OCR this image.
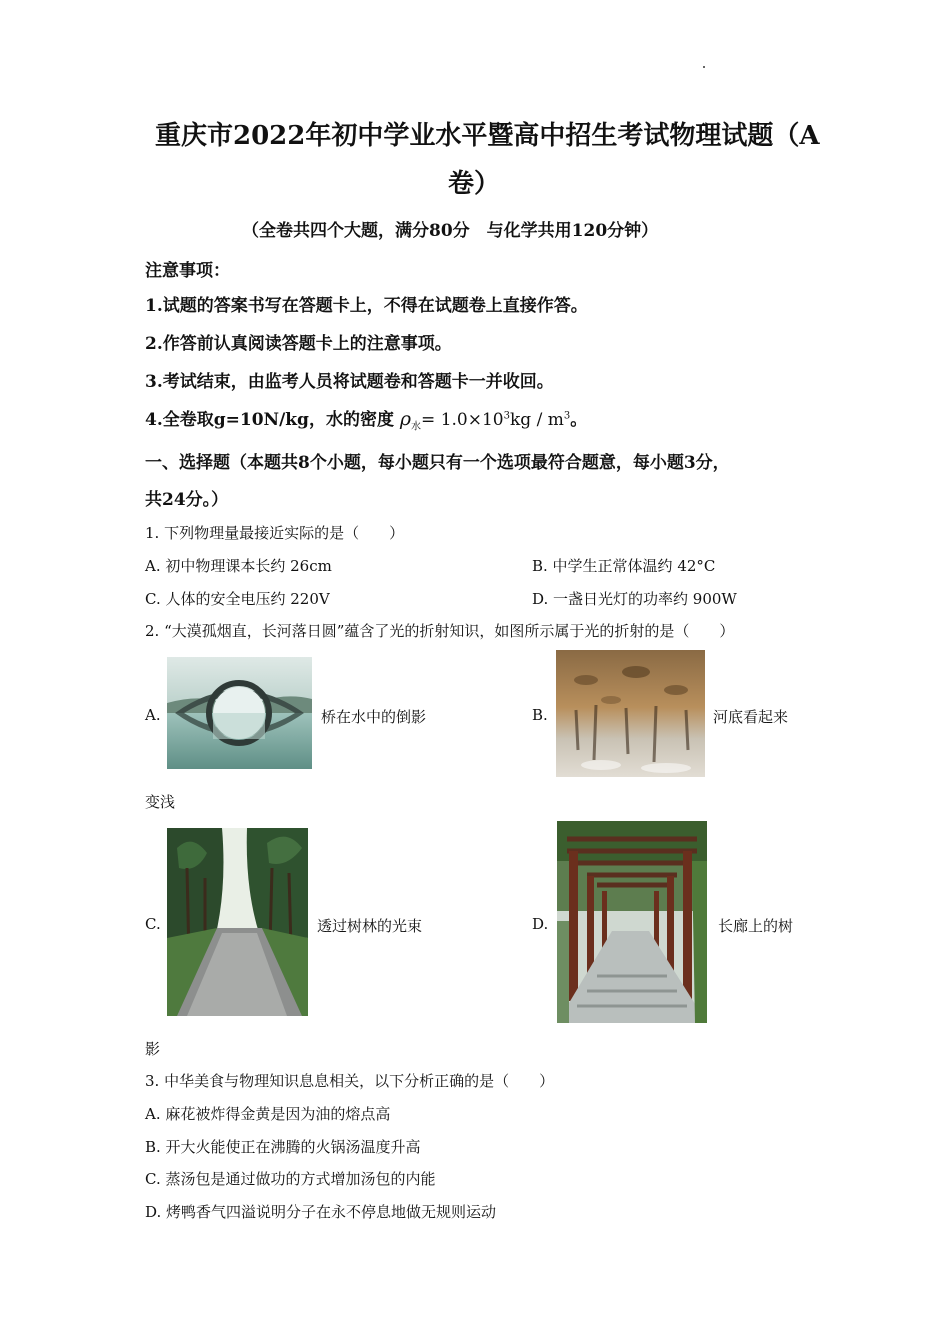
重庆市2022年初中学业水平暨高中招生考试物理试题（A
卷）
（全卷共四个大题，满分80分　与化学共用120分钟）
注意事项：
1.试题的答案书写在答题卡上，不得在试题卷上直接作答。
2.作答前认真阅读答题卡上的注意事项。
3.考试结束，由监考人员将试题卷和答题卡一并收回。
4.全卷取g=10N/kg，水的密度 $\rho_水= 1.0\times 10^3kg / m^3$。
一、选择题（本题共8个小题，每小题只有一个选项最符合题意，每小题3分，
共24分。）
1. 下列物理量最接近实际的是（　　）
A. 初中物理课本长约 26cm	B. 中学生正常体温约 42°C
C. 人体的安全电压约 220V	D. 一盏日光灯的功率约 900W
2. “大漠孤烟直，长河落日圆”蕴含了光的折射知识，如图所示属于光的折射的是（　　）
A.	桥在水中的倒影	B.	河底看起来
变浅
C.	透过树林的光束	D.	长廊上的树
影
3. 中华美食与物理知识息息相关，以下分析正确的是（　　）
A. 麻花被炸得金黄是因为油的熔点高
B. 开大火能使正在沸腾的火锅汤温度升高
C. 蒸汤包是通过做功的方式增加汤包的内能
D. 烤鸭香气四溢说明分子在永不停息地做无规则运动
